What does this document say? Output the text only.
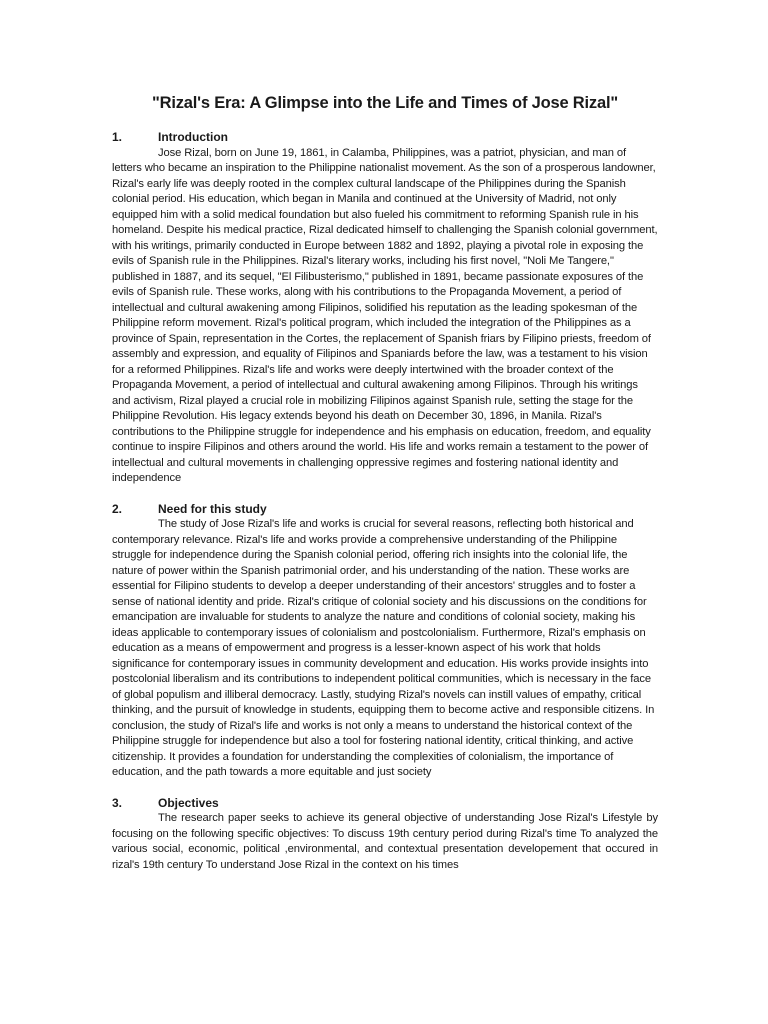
"Rizal's Era: A Glimpse into the Life and Times of Jose Rizal"
1.	Introduction

Jose Rizal, born on June 19, 1861, in Calamba, Philippines, was a patriot, physician, and man of letters who became an inspiration to the Philippine nationalist movement. As the son of a prosperous landowner, Rizal's early life was deeply rooted in the complex cultural landscape of the Philippines during the Spanish colonial period. His education, which began in Manila and continued at the University of Madrid, not only equipped him with a solid medical foundation but also fueled his commitment to reforming Spanish rule in his homeland. Despite his medical practice, Rizal dedicated himself to challenging the Spanish colonial government, with his writings, primarily conducted in Europe between 1882 and 1892, playing a pivotal role in exposing the evils of Spanish rule in the Philippines. Rizal's literary works, including his first novel, "Noli Me Tangere," published in 1887, and its sequel, "El Filibusterismo," published in 1891, became passionate exposures of the evils of Spanish rule. These works, along with his contributions to the Propaganda Movement, a period of intellectual and cultural awakening among Filipinos, solidified his reputation as the leading spokesman of the Philippine reform movement. Rizal's political program, which included the integration of the Philippines as a province of Spain, representation in the Cortes, the replacement of Spanish friars by Filipino priests, freedom of assembly and expression, and equality of Filipinos and Spaniards before the law, was a testament to his vision for a reformed Philippines. Rizal's life and works were deeply intertwined with the broader context of the Propaganda Movement, a period of intellectual and cultural awakening among Filipinos. Through his writings and activism, Rizal played a crucial role in mobilizing Filipinos against Spanish rule, setting the stage for the Philippine Revolution. His legacy extends beyond his death on December 30, 1896, in Manila. Rizal's contributions to the Philippine struggle for independence and his emphasis on education, freedom, and equality continue to inspire Filipinos and others around the world. His life and works remain a testament to the power of intellectual and cultural movements in challenging oppressive regimes and fostering national identity and independence

2.	Need for this study

The study of Jose Rizal's life and works is crucial for several reasons, reflecting both historical and contemporary relevance. Rizal's life and works provide a comprehensive understanding of the Philippine struggle for independence during the Spanish colonial period, offering rich insights into the colonial life, the nature of power within the Spanish patrimonial order, and his understanding of the nation. These works are essential for Filipino students to develop a deeper understanding of their ancestors' struggles and to foster a sense of national identity and pride. Rizal's critique of colonial society and his discussions on the conditions for emancipation are invaluable for students to analyze the nature and conditions of colonial society, making his ideas applicable to contemporary issues of colonialism and postcolonialism. Furthermore, Rizal's emphasis on education as a means of empowerment and progress is a lesser-known aspect of his work that holds significance for contemporary issues in community development and education. His works provide insights into postcolonial liberalism and its contributions to independent political communities, which is necessary in the face of global populism and illiberal democracy. Lastly, studying Rizal's novels can instill values of empathy, critical thinking, and the pursuit of knowledge in students, equipping them to become active and responsible citizens. In conclusion, the study of Rizal's life and works is not only a means to understand the historical context of the Philippine struggle for independence but also a tool for fostering national identity, critical thinking, and active citizenship. It provides a foundation for understanding the complexities of colonialism, the importance of education, and the path towards a more equitable and just society

3.	Objectives

The research paper seeks to achieve its general objective of understanding Jose Rizal's Lifestyle by focusing on the following specific objectives: To discuss 19th century period during Rizal's time To analyzed the various social, economic, political ,environmental, and contextual presentation developement that occured in rizal's 19th century To understand Jose Rizal in the context on his times
